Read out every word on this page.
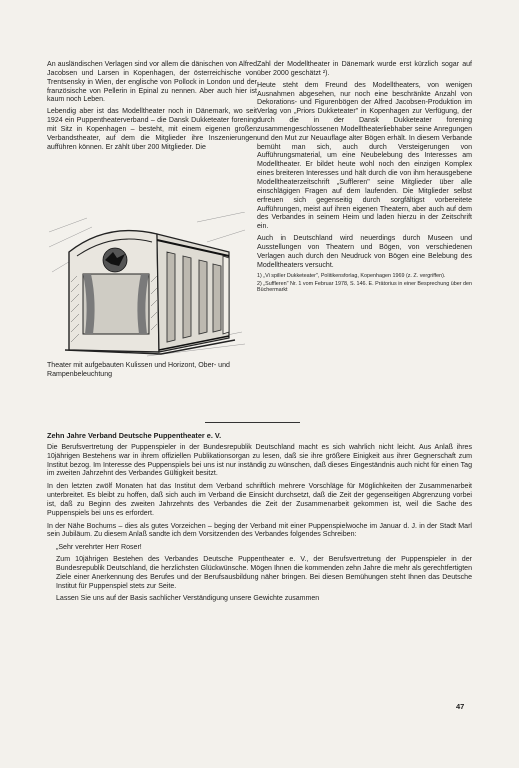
An ausländischen Verlagen sind vor allem die dänischen von Alfred Jacobsen und Larsen in Kopenhagen, der österreichische von Trentsensky in Wien, der englische von Pollock in London und der französische von Pellerin in Epinal zu nennen. Aber auch hier ist kaum noch Leben.

Lebendig aber ist das Modelltheater noch in Dänemark, wo seit 1924 ein Puppentheaterverband – die Dansk Dukketeater forening mit Sitz in Kopenhagen – besteht, mit einem eigenen großen Verbandstheater, auf dem die Mitglieder ihre Inszenierungen aufführen können. Er zählt über 200 Mitglieder. Die

Theater mit aufgebauten Kulissen und Horizont, Ober- und Rampenbeleuchtung

Zahl der Modelltheater in Dänemark wurde erst kürzlich sogar auf über 2000 geschätzt ²).

Heute steht dem Freund des Modelltheaters, von wenigen Ausnahmen abgesehen, nur noch eine beschränkte Anzahl von Dekorations- und Figurenbögen der Alfred Jacobsen-Produktion im Verlag von „Priors Dukketeater" in Kopenhagen zur Verfügung, der durch die in der Dansk Dukketeater forening zusammengeschlossenen Modelltheaterliebhaber seine Anregungen und den Mut zur Neuauflage alter Bögen erhält. In diesem Verbande bemüht man sich, auch durch Versteigerungen von Aufführungsmaterial, um eine Neubelebung des Interesses am Modelltheater. Er bildet heute wohl noch den einzigen Komplex eines breiteren Interesses und hält durch die von ihm herausgebene Modelltheaterzeitschrift „Suffleren" seine Mitglieder über alle einschlägigen Fragen auf dem laufenden. Die Mitglieder selbst erfreuen sich gegenseitig durch sorgfältigst vorbereitete Aufführungen, meist auf ihren eigenen Theatern, aber auch auf dem des Verbandes in seinem Heim und laden hierzu in der Zeitschrift ein.

Auch in Deutschland wird neuerdings durch Museen und Ausstellungen von Theatern und Bögen, von verschiedenen Verlagen auch durch den Neudruck von Bögen eine Belebung des Modelltheaters versucht.

1) „Vi spiller Dukketeater", Politikensforlag, Kopenhagen 1969 (z. Z. vergriffen).
2) „Suffleren" Nr. 1 vom Februar 1978, S. 146. E. Prätorius in einer Besprechung über den Büchermarkt
Zehn Jahre Verband Deutsche Puppentheater e. V.

Die Berufsvertretung der Puppenspieler in der Bundesrepublik Deutschland macht es sich wahrlich nicht leicht. Aus Anlaß ihres 10jährigen Bestehens war in ihrem offiziellen Publikationsorgan zu lesen, daß sie ihre größere Einigkeit aus ihrer Gegnerschaft zum Institut bezog. Im Interesse des Puppenspiels bei uns ist nur inständig zu wünschen, daß dieses Eingeständnis auch nicht für einen Tag im zweiten Jahrzehnt des Verbandes Gültigkeit besitzt.

In den letzten zwölf Monaten hat das Institut dem Verband schriftlich mehrere Vorschläge für Möglichkeiten der Zusammenarbeit unterbreitet. Es bleibt zu hoffen, daß sich auch im Verband die Einsicht durchsetzt, daß die Zeit der gegenseitigen Abgrenzung vorbei ist, daß zu Beginn des zweiten Jahrzehnts des Verbandes die Zeit der Zusammenarbeit gekommen ist, weil die Sache des Puppenspiels bei uns es erfordert.

In der Nähe Bochums – dies als gutes Vorzeichen – beging der Verband mit einer Puppenspielwoche im Januar d. J. in der Stadt Marl sein Jubiläum. Zu diesem Anlaß sandte ich dem Vorsitzenden des Verbandes folgendes Schreiben:

„Sehr verehrter Herr Roser!

Zum 10jährigen Bestehen des Verbandes Deutsche Puppentheater e. V., der Berufsvertretung der Puppenspieler in der Bundesrepublik Deutschland, die herzlichsten Glückwünsche. Mögen Ihnen die kommenden zehn Jahre die mehr als gerechtfertigten Ziele einer Anerkennung des Berufes und der Berufsausbildung näher bringen. Bei diesen Bemühungen steht Ihnen das Deutsche Institut für Puppenspiel stets zur Seite.

Lassen Sie uns auf der Basis sachlicher Verständigung unsere Gewichte zusammen

47
